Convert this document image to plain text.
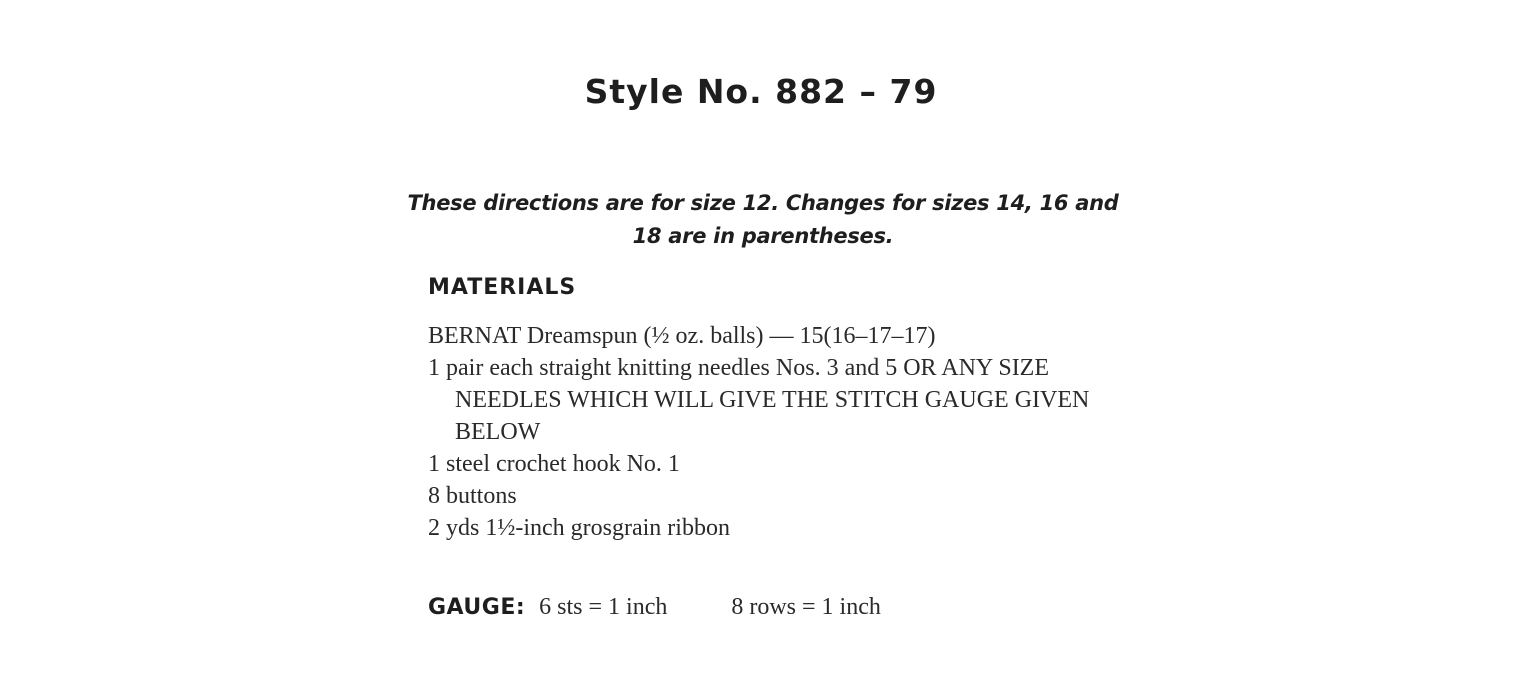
Style No. 882 – 79

These directions are for size 12. Changes for sizes 14, 16 and 18 are in parentheses.

MATERIALS
BERNAT Dreamspun (½ oz. balls) — 15(16–17–17)
1 pair each straight knitting needles Nos. 3 and 5 OR ANY SIZE NEEDLES WHICH WILL GIVE THE STITCH GAUGE GIVEN BELOW
1 steel crochet hook No. 1
8 buttons
2 yds 1½-inch grosgrain ribbon
GAUGE: 6 sts = 1 inch	8 rows = 1 inch
